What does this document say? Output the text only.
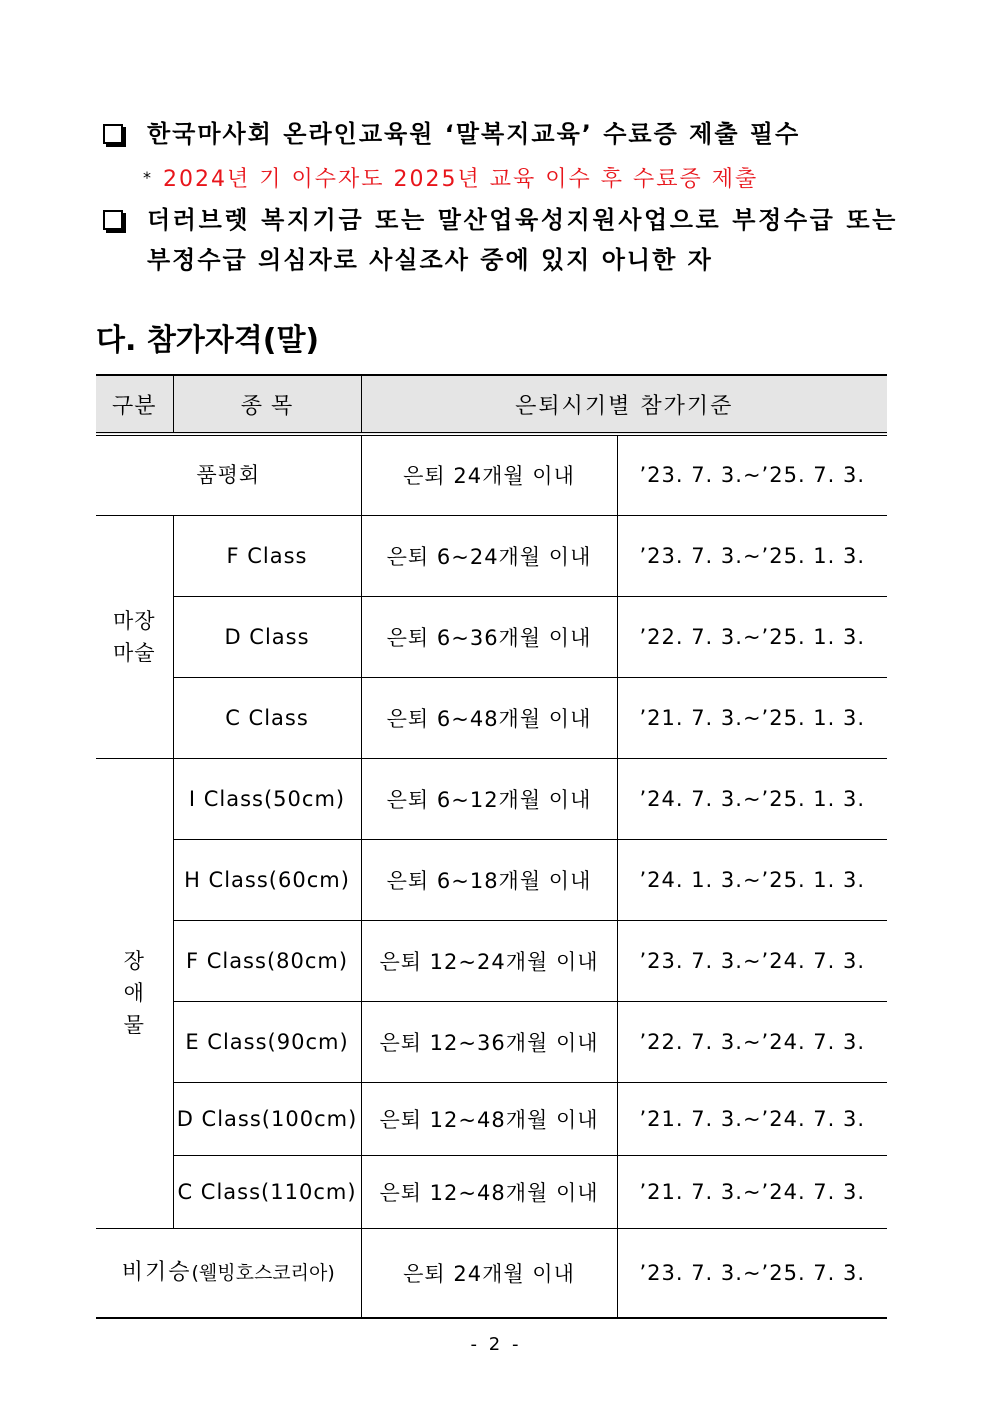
한국마사회 온라인교육원 ‘말복지교육’ 수료증 제출 필수
* 2024년 기 이수자도 2025년 교육 이수 후 수료증 제출
더러브렛 복지기금 또는 말산업육성지원사업으로 부정수급 또는
부정수급 의심자로 사실조사 중에 있지 아니한 자
다. 참가자격(말)
구분	종 목	은퇴시기별 참가기준	
품평회		은퇴 24개월 이내	’23. 7. 3.~’25. 7. 3.
마장
마술	F Class	은퇴 6~24개월 이내	’23. 7. 3.~’25. 1. 3.
	D Class	은퇴 6~36개월 이내	’22. 7. 3.~’25. 1. 3.
	C Class	은퇴 6~48개월 이내	’21. 7. 3.~’25. 1. 3.
장
애
물	I Class(50cm)	은퇴 6~12개월 이내	’24. 7. 3.~’25. 1. 3.
	H Class(60cm)	은퇴 6~18개월 이내	’24. 1. 3.~’25. 1. 3.
	F Class(80cm)	은퇴 12~24개월 이내	’23. 7. 3.~’24. 7. 3.
	E Class(90cm)	은퇴 12~36개월 이내	’22. 7. 3.~’24. 7. 3.
	D Class(100cm)	은퇴 12~48개월 이내	’21. 7. 3.~’24. 7. 3.
	C Class(110cm)	은퇴 12~48개월 이내	’21. 7. 3.~’24. 7. 3.
비기승(웰빙호스코리아)		은퇴 24개월 이내	’23. 7. 3.~’25. 7. 3.
- 2 -
